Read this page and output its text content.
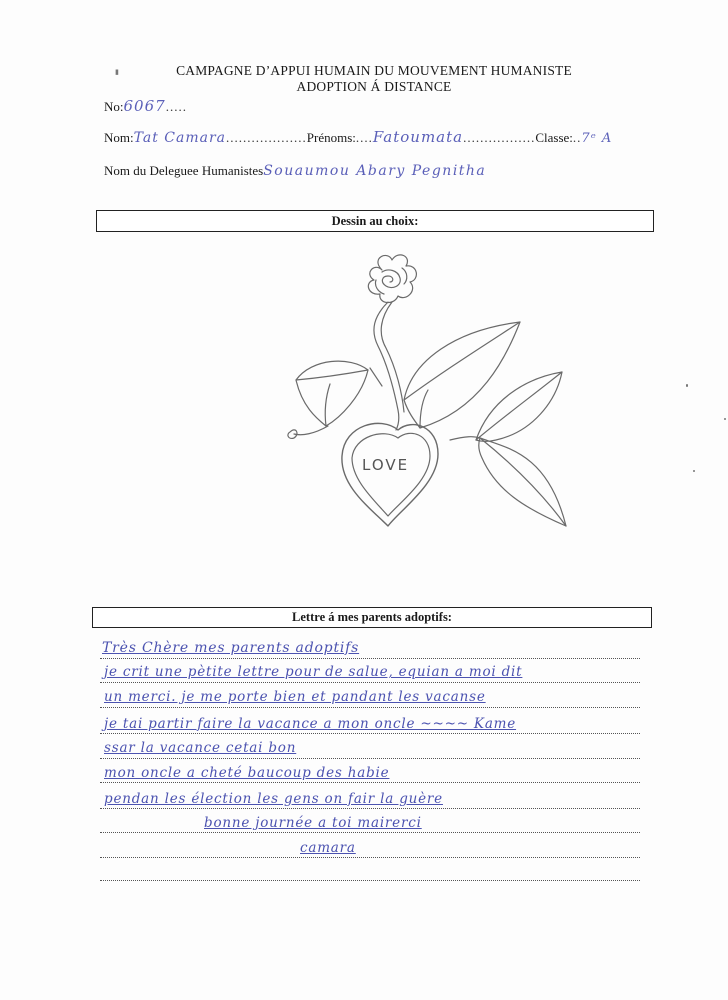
▮	CAMPAGNE D’APPUI HUMAIN DU MOUVEMENT HUMANISTE
ADOPTION Á DISTANCE
No:6067.....
Nom:Tat Camara...................Prénoms:....Fatoumata.................Classe:..7ᵉ A
Nom du Deleguee HumanistesSouaumou Abary Pegnitha
Dessin au choix:
LOVE
Lettre á mes parents adoptifs:
Très Chère mes parents adoptifs
je crit une pètite lettre pour de salue, equian a moi dit
un merci. je me porte bien et pandant les vacanse
je tai partir faire la vacance a mon oncle ~~~~ Kame
ssar la vacance cetai bon
mon oncle a cheté baucoup des habie
pendan les élection les gens on fair la guère
bonne journée a toi mairerci
camara
